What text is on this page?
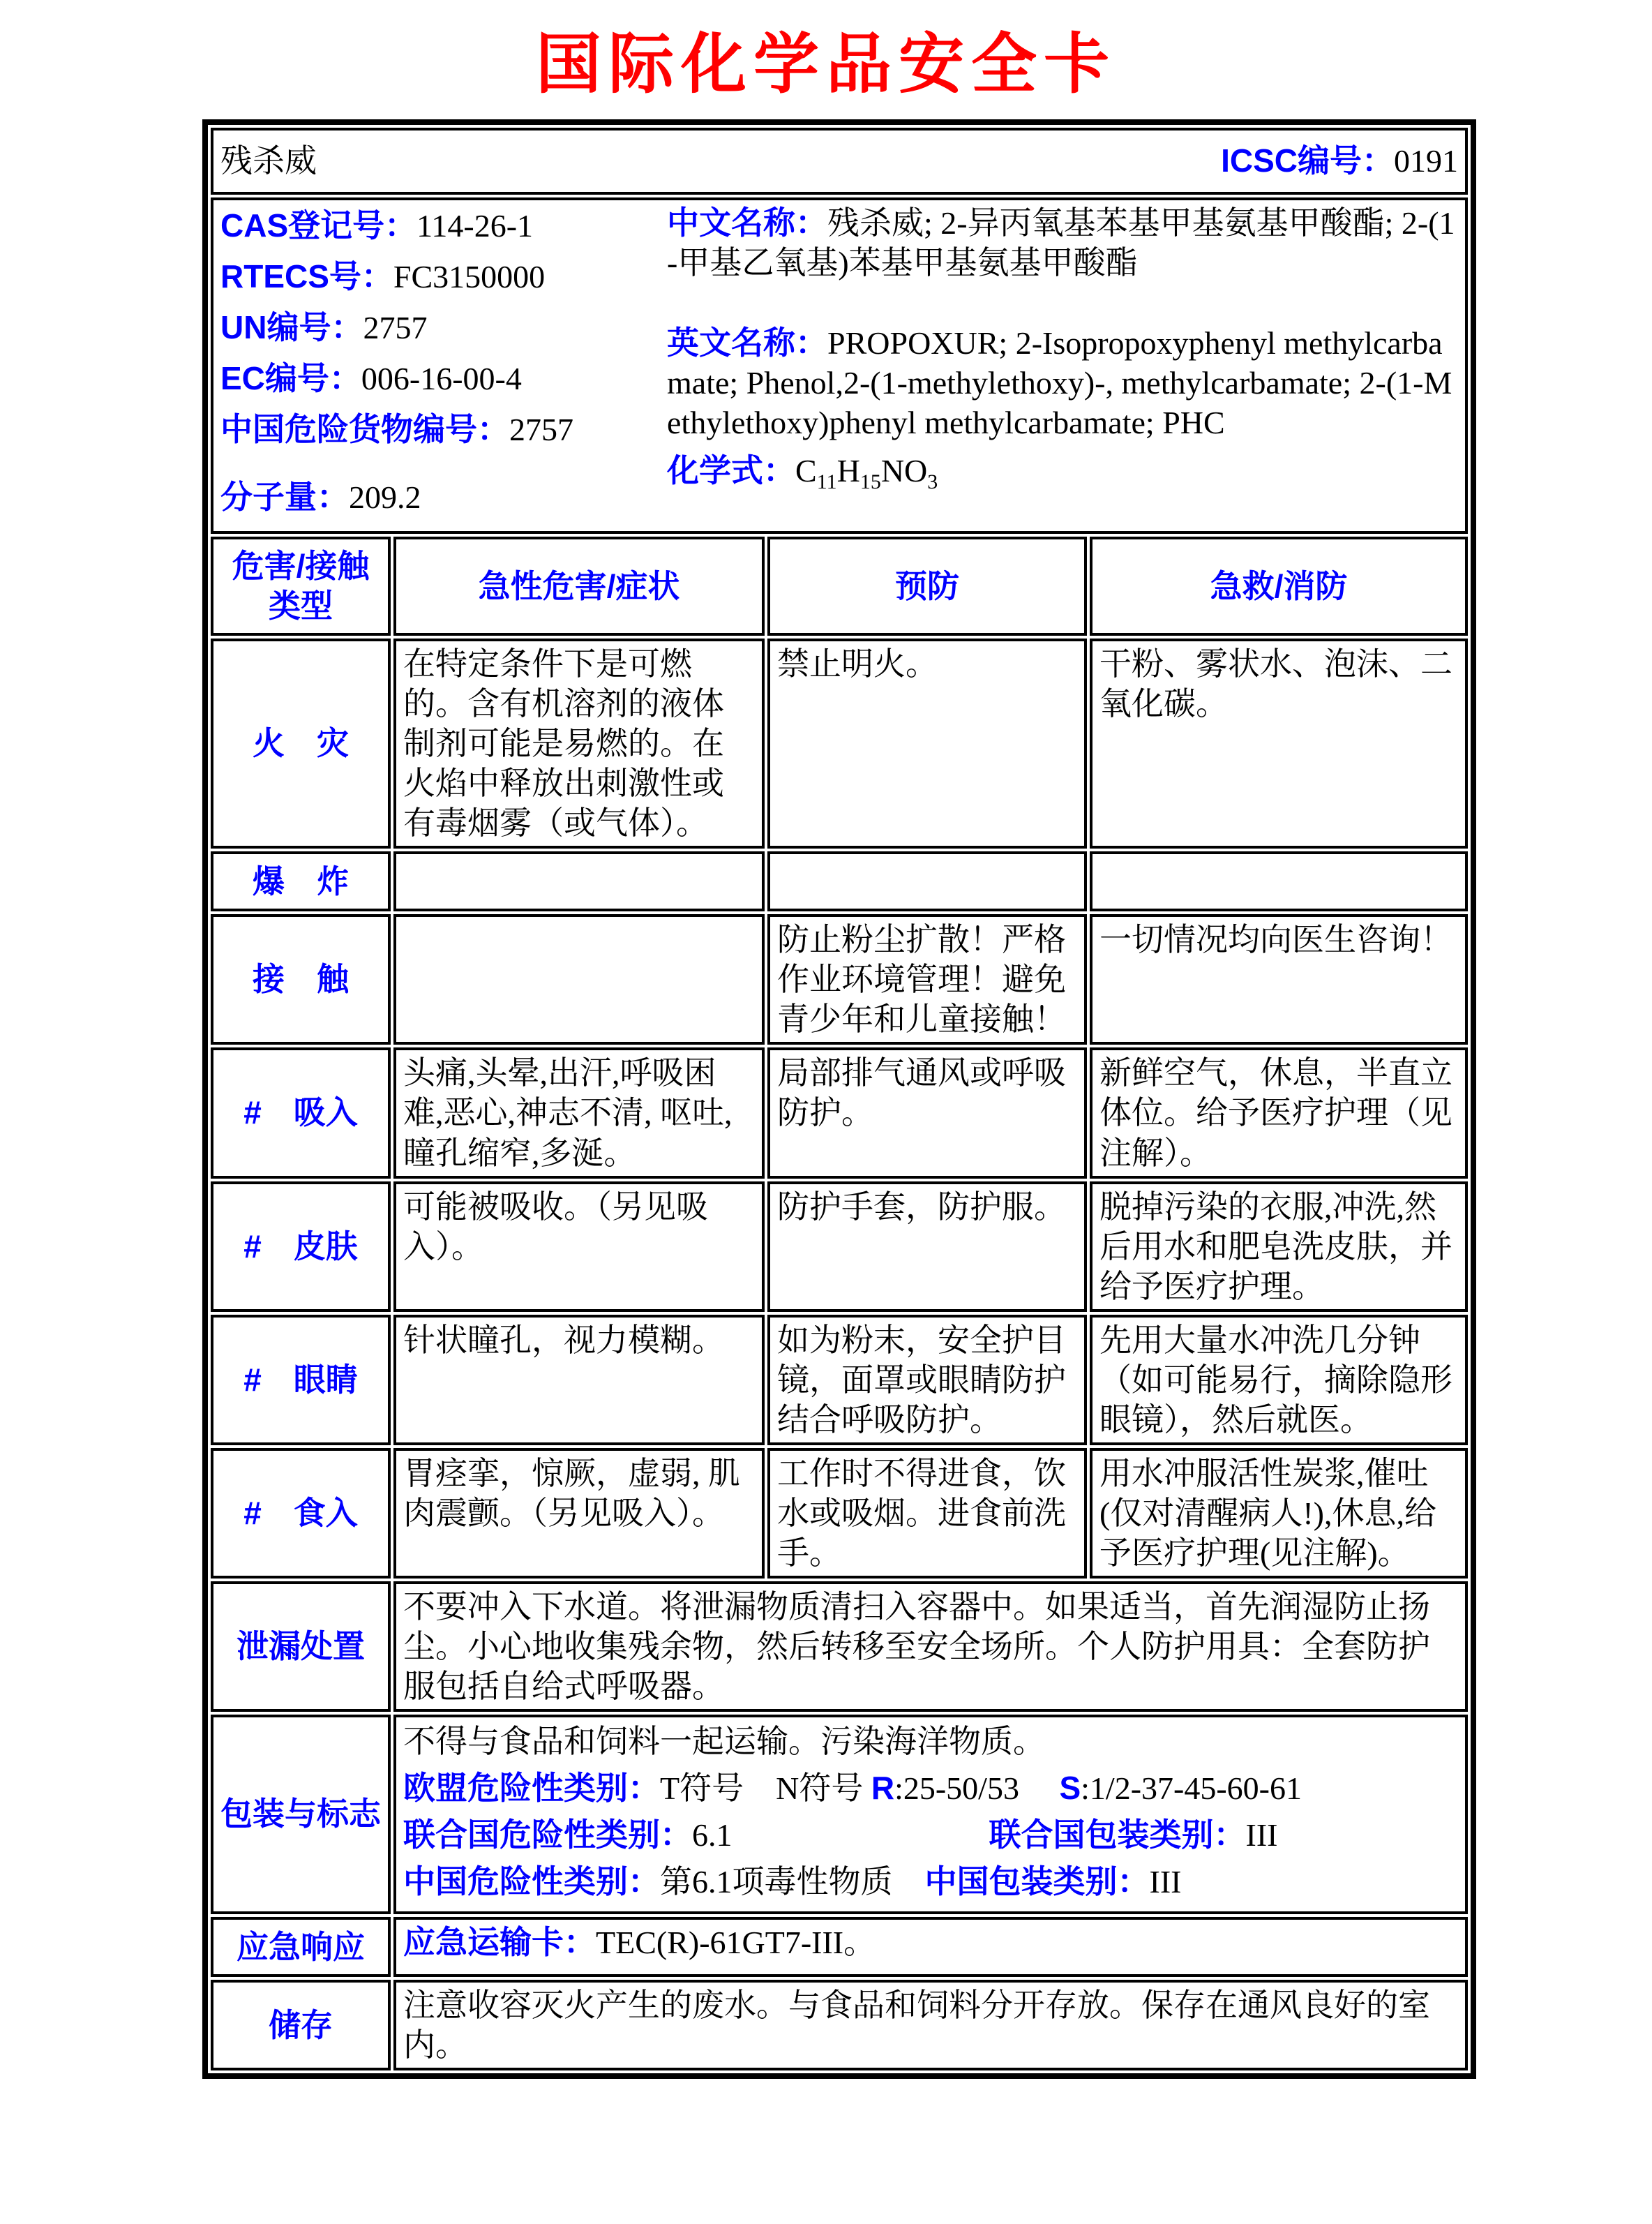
国际化学品安全卡
残杀威 ICSC编号：0191			

CAS登记号：114-26-1
RTECS号：FC3150000
UN编号：2757
EC编号：006-16-00-4
中国危险货物编号：2757
分子量：209.2
中文名称：残杀威; 2-异丙氧基苯基甲基氨基甲酸酯; 2-(1-甲基乙氧基)苯基甲基氨基甲酸酯
英文名称：PROPOXUR; 2-Isopropoxyphenyl methylcarbamate; Phenol,2-(1-methylethoxy)-, methylcarbamate; 2-(1-Methylethoxy)phenyl methylcarbamate; PHC
化学式：$C_{11}H_{15}NO_3$

危害/接触
类型	急性危害/症状	预防	急救/消防
火　灾	在特定条件下是可燃的。含有机溶剂的液体制剂可能是易燃的。在火焰中释放出刺激性或有毒烟雾（或气体）。	禁止明火。	干粉、雾状水、泡沫、二氧化碳。
爆　炸			
接　触		防止粉尘扩散！严格作业环境管理！避免青少年和儿童接触！	一切情况均向医生咨询！
#　吸入	头痛,头晕,出汗,呼吸困难,恶心,神志不清, 呕吐,瞳孔缩窄,多涎。	局部排气通风或呼吸防护。	新鲜空气，休息，半直立体位。给予医疗护理（见注解）。
#　皮肤	可能被吸收。（另见吸入）。	防护手套，防护服。	脱掉污染的衣服,冲洗,然后用水和肥皂洗皮肤，并给予医疗护理。
#　眼睛	针状瞳孔，视力模糊。	如为粉末，安全护目镜，面罩或眼睛防护结合呼吸防护。	先用大量水冲洗几分钟（如可能易行，摘除隐形眼镜），然后就医。
#　食入	胃痉挛，惊厥，虚弱, 肌肉震颤。（另见吸入）。	工作时不得进食，饮水或吸烟。进食前洗手。	用水冲服活性炭浆,催吐(仅对清醒病人!),休息,给予医疗护理(见注解)。
泄漏处置	不要冲入下水道。将泄漏物质清扫入容器中。如果适当，首先润湿防止扬尘。小心地收集残余物，然后转移至安全场所。个人防护用具：全套防护服包括自给式呼吸器。		
包装与标志	不得与食品和饲料一起运输。污染海洋物质。
欧盟危险性类别：T符号　N符号 R:25-50/53　 S:1/2-37-45-60-61
联合国危险性类别：6.1　　　　　　　　联合国包装类别：III
中国危险性类别：第6.1项毒性物质　中国包装类别：III		

应急响应	应急运输卡：TEC(R)-61GT7-III。		
储存	注意收容灭火产生的废水。与食品和饲料分开存放。保存在通风良好的室内。		
